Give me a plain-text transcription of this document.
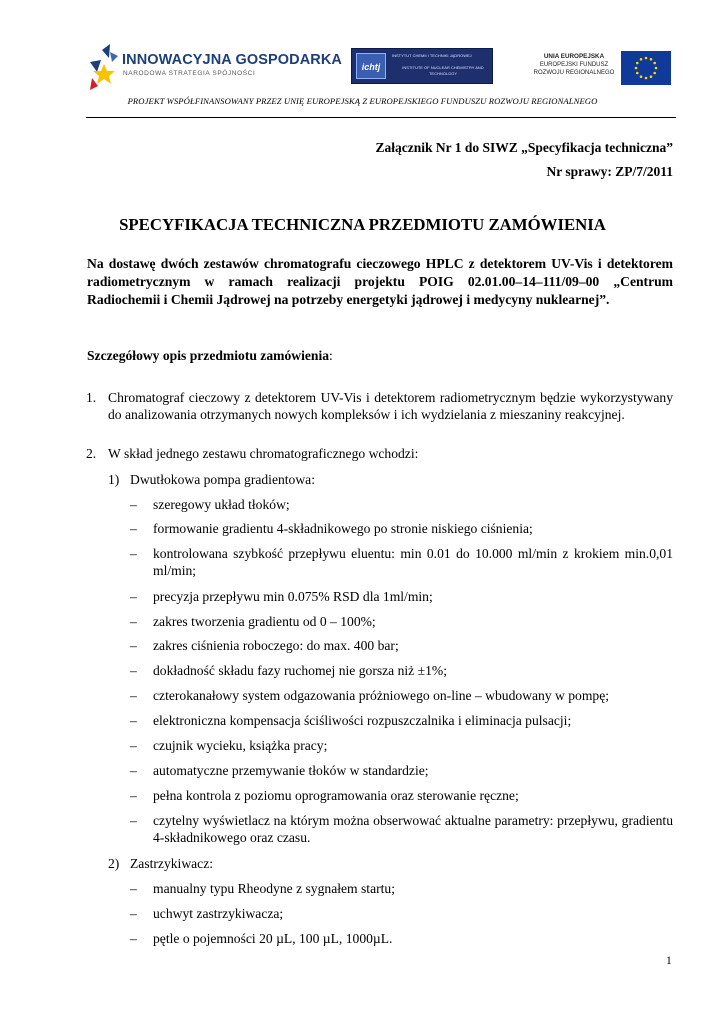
INNOWACYJNA GOSPODARKA
NARODOWA STRATEGIA SPÓJNOŚCI
ichtj
INSTYTUT CHEMII I TECHNIKI JĄDROWEJ
INSTITUTE OF NUCLEAR CHEMISTRY AND TECHNOLOGY
UNIA EUROPEJSKA
EUROPEJSKI FUNDUSZ
ROZWOJU REGIONALNEGO
PROJEKT WSPÓŁFINANSOWANY PRZEZ UNIĘ EUROPEJSKĄ Z EUROPEJSKIEGO FUNDUSZU ROZWOJU REGIONALNEGO
Załącznik Nr 1 do SIWZ „Specyfikacja techniczna”
Nr sprawy: ZP/7/2011
SPECYFIKACJA TECHNICZNA PRZEDMIOTU ZAMÓWIENIA
Na dostawę dwóch zestawów chromatografu cieczowego HPLC z detektorem UV-Vis i detektorem radiometrycznym w ramach realizacji projektu POIG 02.01.00–14–111/09–00 „Centrum Radiochemii i Chemii Jądrowej na potrzeby energetyki jądrowej i medycyny nuklearnej”.
Szczegółowy opis przedmiotu zamówienia:
1. Chromatograf cieczowy z detektorem UV-Vis i detektorem radiometrycznym będzie wykorzystywany do analizowania otrzymanych nowych kompleksów i ich wydzielania z mieszaniny reakcyjnej.
2. W skład jednego zestawu chromatograficznego wchodzi:
1) Dwutłokowa pompa gradientowa:
– szeregowy układ tłoków;
– formowanie gradientu 4-składnikowego po stronie niskiego ciśnienia;
– kontrolowana szybkość przepływu eluentu: min 0.01 do 10.000 ml/min z krokiem min.0,01 ml/min;
– precyzja przepływu min 0.075% RSD dla 1ml/min;
– zakres tworzenia gradientu od 0 – 100%;
– zakres ciśnienia roboczego: do max. 400 bar;
– dokładność składu fazy ruchomej nie gorsza niż ±1%;
– czterokanałowy system odgazowania próżniowego on-line – wbudowany w pompę;
– elektroniczna kompensacja ściśliwości rozpuszczalnika i eliminacja pulsacji;
– czujnik wycieku, książka pracy;
– automatyczne przemywanie tłoków w standardzie;
– pełna kontrola z poziomu oprogramowania oraz sterowanie ręczne;
– czytelny wyświetlacz na którym można obserwować aktualne parametry: przepływu, gradientu 4-składnikowego oraz czasu.
2) Zastrzykiwacz:
– manualny typu Rheodyne z sygnałem startu;
– uchwyt zastrzykiwacza;
– pętle o pojemności 20 µL, 100 µL, 1000µL.
1
